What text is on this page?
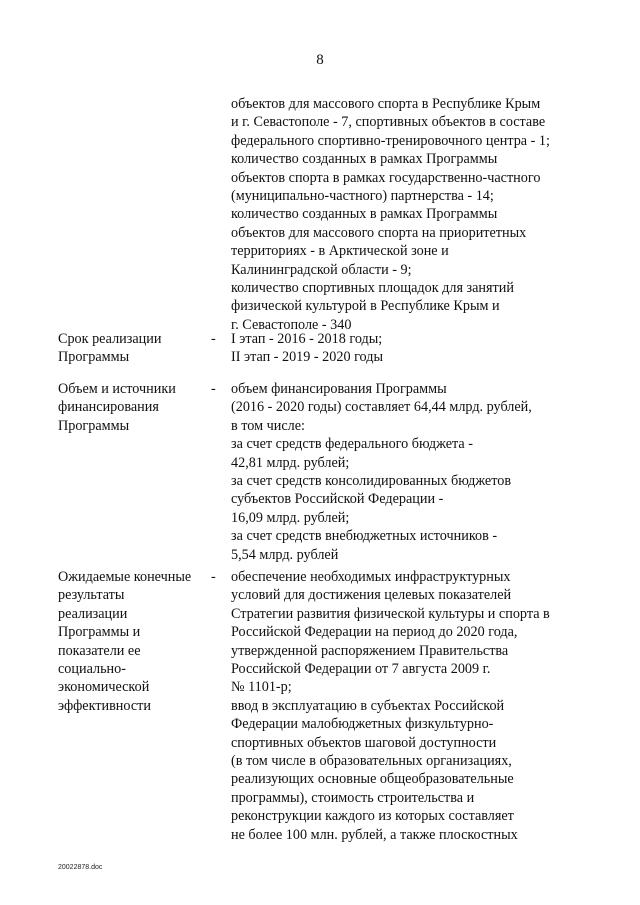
8
объектов для массового спорта в Республике Крым
и г. Севастополе - 7, спортивных объектов в составе
федерального спортивно-тренировочного центра - 1;
количество созданных в рамках Программы
объектов спорта в рамках государственно-частного
(муниципально-частного) партнерства - 14;
количество созданных в рамках Программы
объектов для массового спорта на приоритетных
территориях - в Арктической зоне и
Калининградской области - 9;
количество спортивных площадок для занятий
физической культурой в Республике Крым и
г. Севастополе - 340
Срок реализации
Программы
- I этап - 2016 - 2018 годы;
II этап - 2019 - 2020 годы
Объем и источники
финансирования
Программы
- объем финансирования Программы
(2016 - 2020 годы) составляет 64,44 млрд. рублей,
в том числе:
за счет средств федерального бюджета -
42,81 млрд. рублей;
за счет средств консолидированных бюджетов
субъектов Российской Федерации -
16,09 млрд. рублей;
за счет средств внебюджетных источников -
5,54 млрд. рублей
Ожидаемые конечные
результаты
реализации
Программы и
показатели ее
социально-
экономической
эффективности
- обеспечение необходимых инфраструктурных
условий для достижения целевых показателей
Стратегии развития физической культуры и спорта в
Российской Федерации на период до 2020 года,
утвержденной распоряжением Правительства
Российской Федерации от 7 августа 2009 г.
№ 1101-р;
ввод в эксплуатацию в субъектах Российской
Федерации малобюджетных физкультурно-
спортивных объектов шаговой доступности
(в том числе в образовательных организациях,
реализующих основные общеобразовательные
программы), стоимость строительства и
реконструкции каждого из которых составляет
не более 100 млн. рублей, а также плоскостных
20022878.doc
